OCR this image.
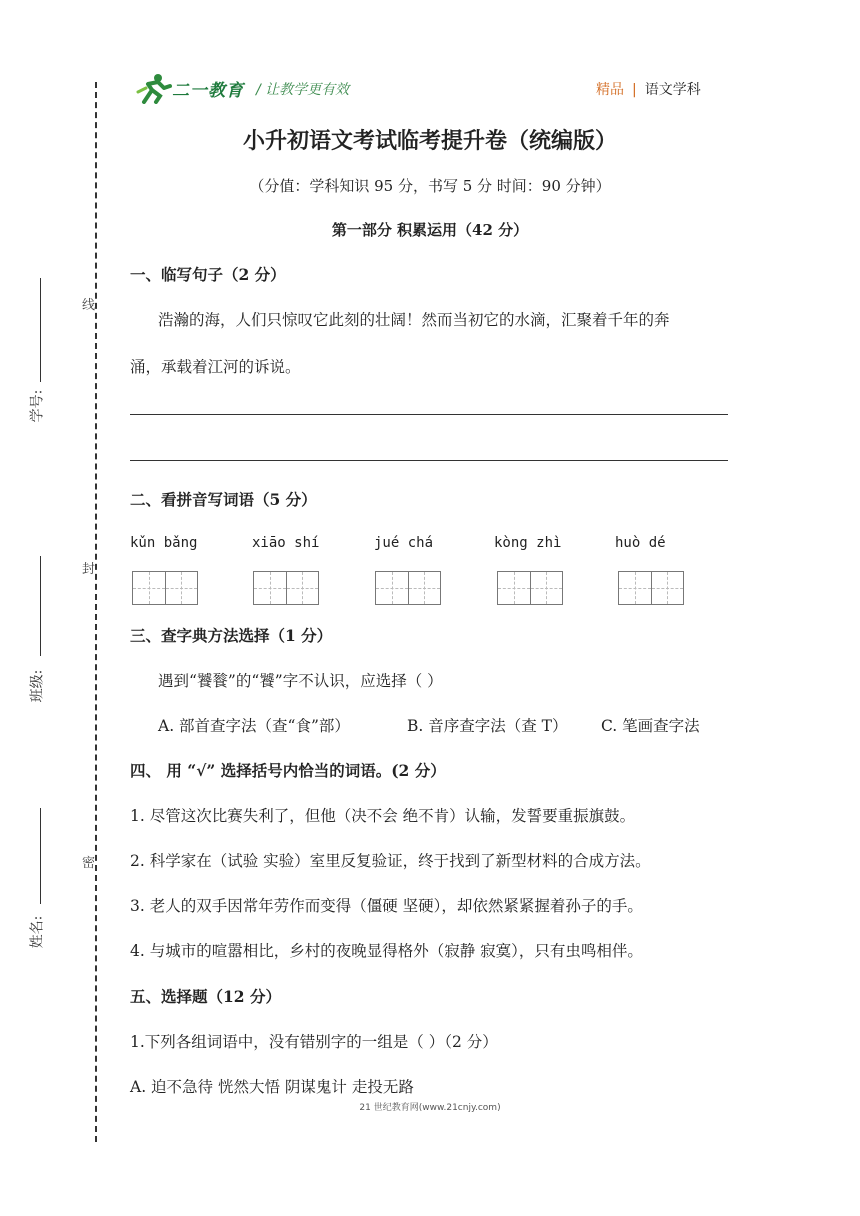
二一教育 / 让教学更有效	精品 | 语文学科
小升初语文考试临考提升卷（统编版）
（分值：学科知识 95 分，书写 5 分 时间：90 分钟）
第一部分 积累运用（42 分）
线
封
密
学号:
班级:
姓名:
一、临写句子（2 分）
浩瀚的海，人们只惊叹它此刻的壮阔！然而当初它的水滴，汇聚着千年的奔
涌，承载着江河的诉说。
二、看拼音写词语（5 分）
kǔn bǎng	xiāo shí	jué chá	kòng zhì	huò dé
三、查字典方法选择（1 分）
遇到“饕餮”的“饕”字不认识，应选择（ ）
A. 部首查字法（查“食”部）	B. 音序查字法（查 T） C. 笔画查字法
四、 用 “√” 选择括号内恰当的词语。(2 分）
1. 尽管这次比赛失利了，但他（决不会 绝不肯）认输，发誓要重振旗鼓。
2. 科学家在（试验 实验）室里反复验证，终于找到了新型材料的合成方法。
3. 老人的双手因常年劳作而变得（僵硬 坚硬），却依然紧紧握着孙子的手。
4. 与城市的喧嚣相比，乡村的夜晚显得格外（寂静 寂寞），只有虫鸣相伴。
五、选择题（12 分）
1.下列各组词语中，没有错别字的一组是（ ）（2 分）
A. 迫不急待 恍然大悟 阴谋鬼计 走投无路
21 世纪教育网(www.21cnjy.com)
